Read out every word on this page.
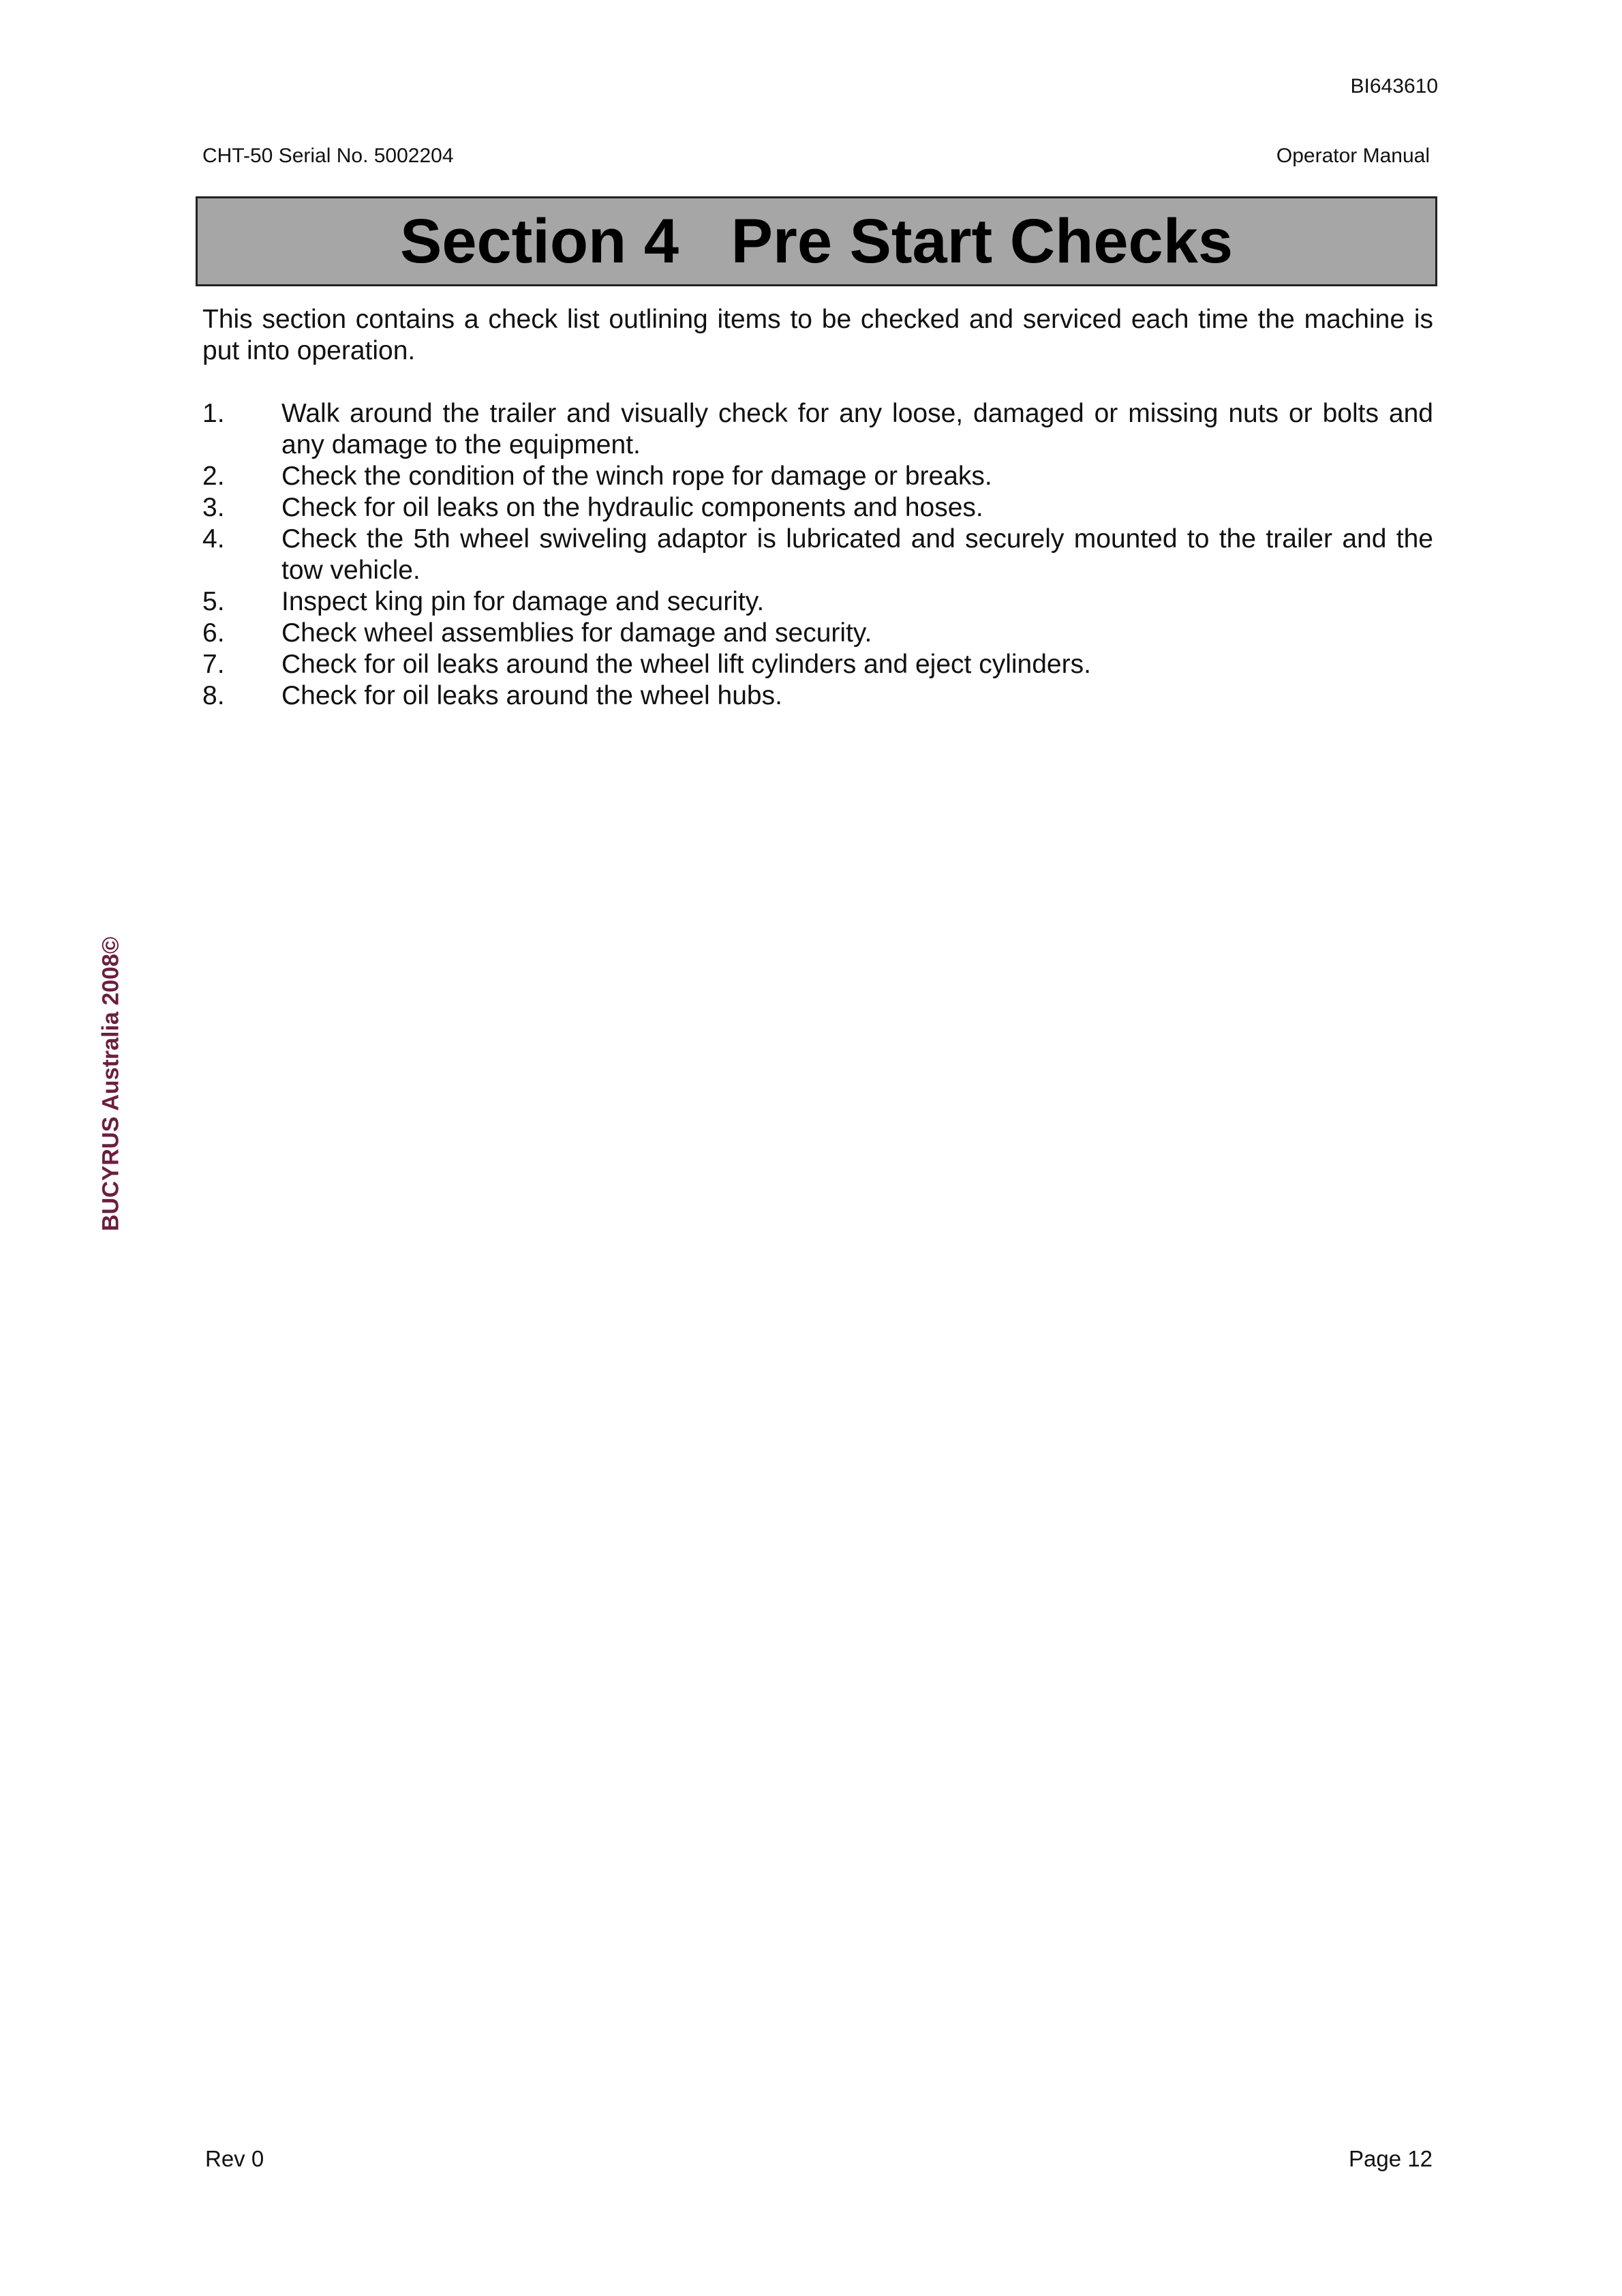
BI643610
CHT-50 Serial No. 5002204	Operator Manual
Section 4   Pre Start Checks

This section contains a check list outlining items to be checked and serviced each time the machine is put into operation.

1.	Walk around the trailer and visually check for any loose, damaged or missing nuts or bolts and any damage to the equipment.
2.	Check the condition of the winch rope for damage or breaks.
3.	Check for oil leaks on the hydraulic components and hoses.
4.	Check the 5th wheel swiveling adaptor is lubricated and securely mounted to the trailer and the tow vehicle.
5.	Inspect king pin for damage and security.
6.	Check wheel assemblies for damage and security.
7.	Check for oil leaks around the wheel lift cylinders and eject cylinders.
8.	Check for oil leaks around the wheel hubs.
BUCYRUS Australia 2008©
Rev 0	Page 12
